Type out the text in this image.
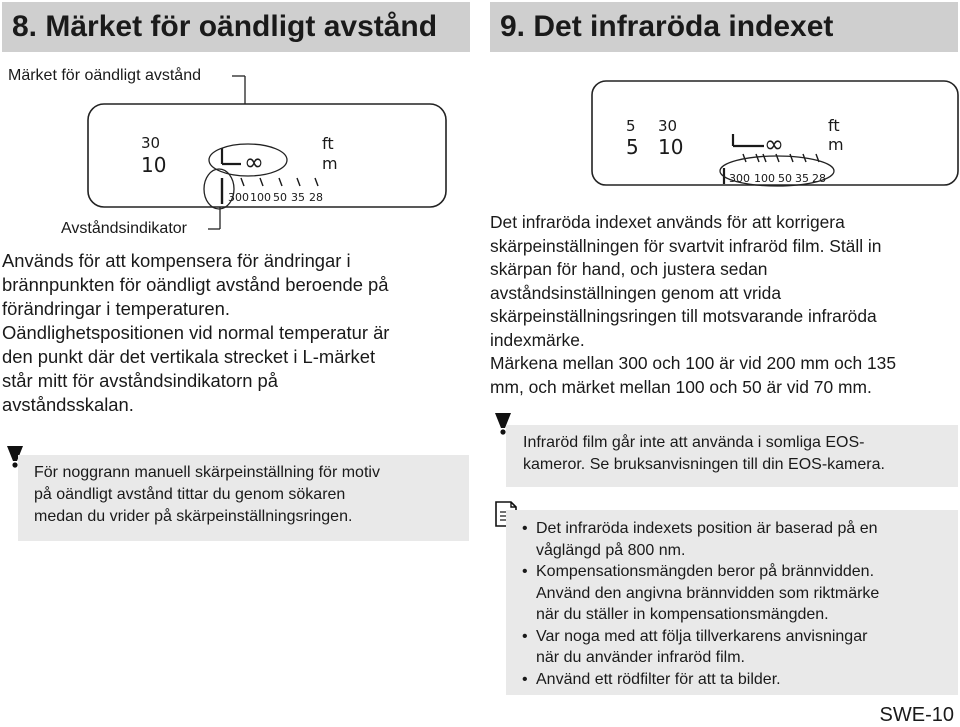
8. Märket för oändligt avstånd
Märket för oändligt avstånd
30
10
ft
m
∞
300 100 50 35 28
Avståndsindikator
Används för att kompensera för ändringar i
brännpunkten för oändligt avstånd beroende på
förändringar i temperaturen.
Oändlighetspositionen vid normal temperatur är
den punkt där det vertikala strecket i L-märket
står mitt för avståndsindikatorn på
avståndsskalan.
För noggrann manuell skärpeinställning för motiv
på oändligt avstånd tittar du genom sökaren
medan du vrider på skärpeinställningsringen.
9. Det infraröda indexet
5
5
30
10
ft
m
∞
300 100 50 35 28
Det infraröda indexet används för att korrigera
skärpeinställningen för svartvit infraröd film. Ställ in
skärpan för hand, och justera sedan
avståndsinställningen genom att vrida
skärpeinställningsringen till motsvarande infraröda
indexmärke.
Märkena mellan 300 och 100 är vid 200 mm och 135
mm, och märket mellan 100 och 50 är vid 70 mm.
Infraröd film går inte att använda i somliga EOS-
kameror. Se bruksanvisningen till din EOS-kamera.
• Det infraröda indexets position är baserad på en
våglängd på 800 nm.
• Kompensationsmängden beror på brännvidden.
Använd den angivna brännvidden som riktmärke
när du ställer in kompensationsmängden.
• Var noga med att följa tillverkarens anvisningar
när du använder infraröd film.
• Använd ett rödfilter för att ta bilder.
SWE-10
